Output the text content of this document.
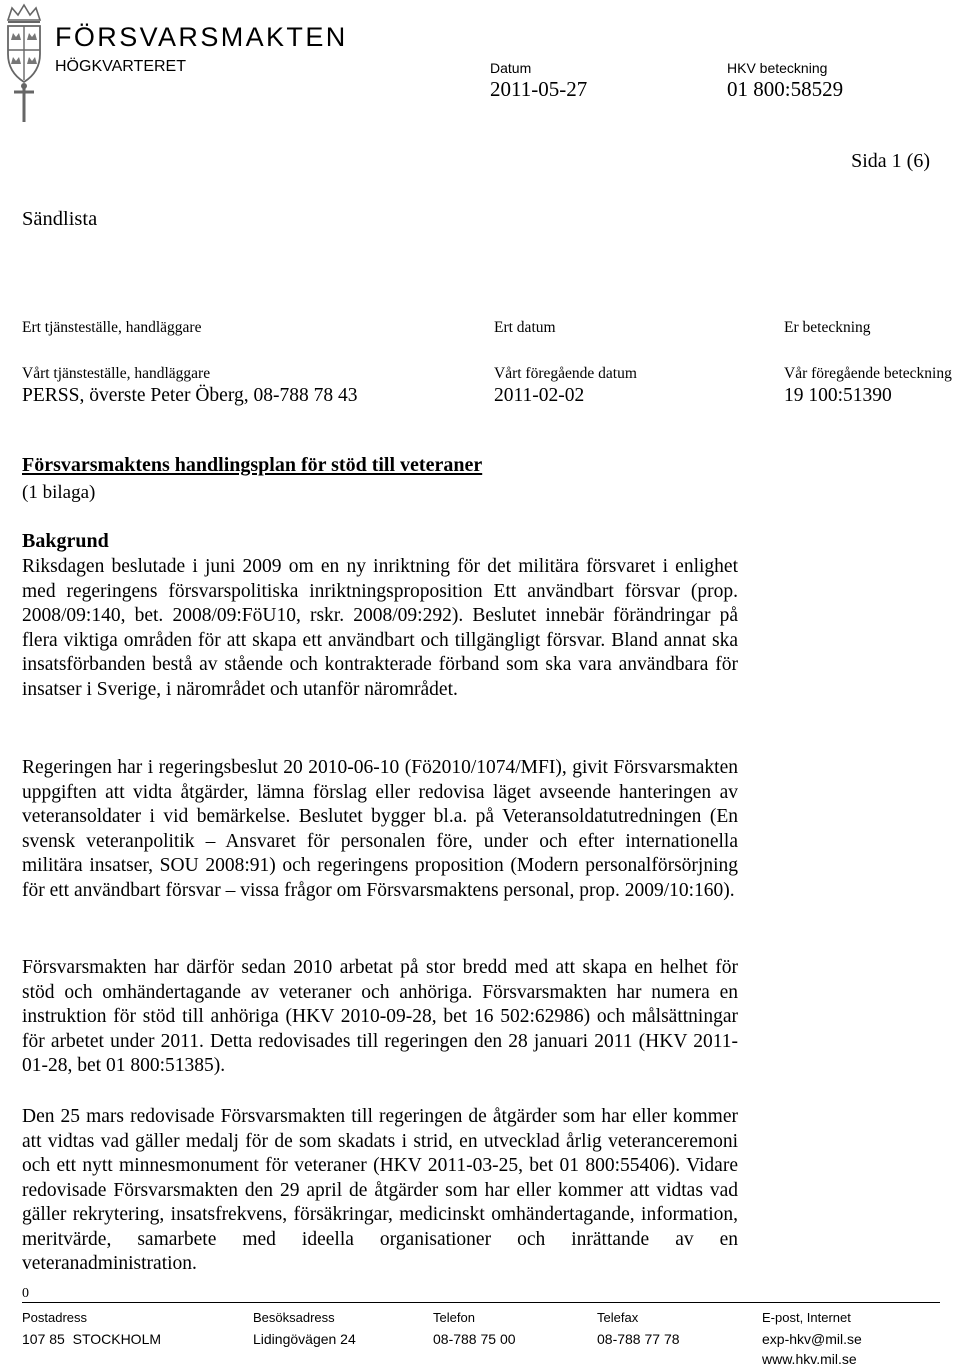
FÖRSVARSMAKTEN
HÖGKVARTERET	Datum
2011-05-27
HKV beteckning
01 800:58529
Sida 1 (6)
Sändlista
Ert tjänsteställe, handläggare	Ert datum	Er beteckning
Vårt tjänsteställe, handläggare	Vårt föregående datum	Vår föregående beteckning
PERSS, överste Peter Öberg, 08-788 78 43	2011-02-02	19 100:51390
Försvarsmaktens handlingsplan för stöd till veteraner
(1 bilaga)
Bakgrund

Riksdagen beslutade i juni 2009 om en ny inriktning för det militära försvaret i enlighet med regeringens försvarspolitiska inriktningsproposition Ett användbart försvar (prop. 2008/09:140, bet. 2008/09:FöU10, rskr. 2008/09:292). Beslutet innebär förändringar på flera viktiga områden för att skapa ett användbart och tillgängligt försvar. Bland annat ska insatsförbanden bestå av stående och kontrakterade förband som ska vara användbara för insatser i Sverige, i närområdet och utanför närområdet.

Regeringen har i regeringsbeslut 20 2010-06-10 (Fö2010/1074/MFI), givit Försvarsmakten uppgiften att vidta åtgärder, lämna förslag eller redovisa läget avseende hanteringen av veteransoldater i vid bemärkelse. Beslutet bygger bl.a. på Veteransoldatutredningen (En svensk veteranpolitik – Ansvaret för personalen före, under och efter internationella militära insatser, SOU 2008:91) och regeringens proposition (Modern personalförsörjning för ett användbart försvar – vissa frågor om Försvarsmaktens personal, prop. 2009/10:160).

Försvarsmakten har därför sedan 2010 arbetat på stor bredd med att skapa en helhet för stöd och omhändertagande av veteraner och anhöriga. Försvarsmakten har numera en instruktion för stöd till anhöriga (HKV 2010-09-28, bet 16 502:62986) och målsättningar för arbetet under 2011. Detta redovisades till regeringen den 28 januari 2011 (HKV 2011-01-28, bet 01 800:51385).

Den 25 mars redovisade Försvarsmakten till regeringen de åtgärder som har eller kommer att vidtas vad gäller medalj för de som skadats i strid, en utvecklad årlig veteranceremoni och ett nytt minnesmonument för veteraner (HKV 2011-03-25, bet 01 800:55406). Vidare redovisade Försvarsmakten den 29 april de åtgärder som har eller kommer att vidtas vad gäller rekrytering, insatsfrekvens, försäkringar, medicinskt omhändertagande, information, meritvärde, samarbete med ideella organisationer och inrättande av en veteranadministration.

0
Postadress	Besöksadress	Telefon	Telefax	E-post, Internet
107 85  STOCKHOLM	Lidingövägen 24	08-788 75 00	08-788 77 78	exp-hkv@mil.se
www.hkv.mil.se
